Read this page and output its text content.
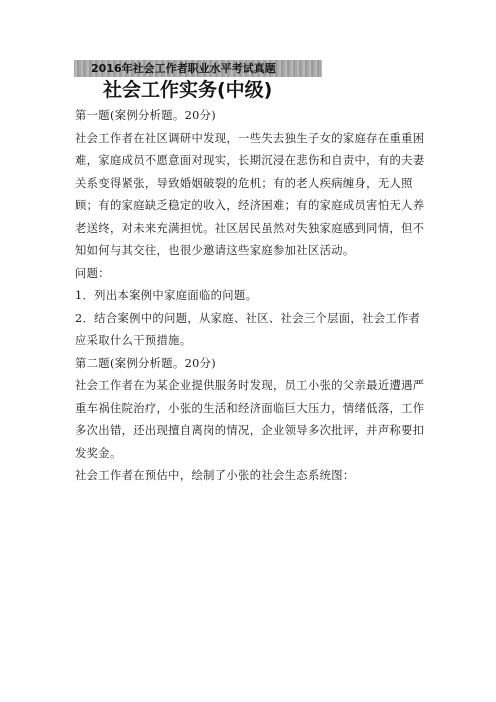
2016年社会工作者职业水平考试真题
社会工作实务(中级)

第一题(案例分析题。20分)

社会工作者在社区调研中发现，一些失去独生子女的家庭存在重重困难，家庭成员不愿意面对现实，长期沉浸在悲伤和自责中，有的夫妻关系变得紧张，导致婚姻破裂的危机；有的老人疾病缠身，无人照顾；有的家庭缺乏稳定的收入，经济困难；有的家庭成员害怕无人养老送终，对未来充满担忧。社区居民虽然对失独家庭感到同情，但不知如何与其交往，也很少邀请这些家庭参加社区活动。

问题：

1．列出本案例中家庭面临的问题。

2．结合案例中的问题，从家庭、社区、社会三个层面，社会工作者应采取什么干预措施。

第二题(案例分析题。20分)

社会工作者在为某企业提供服务时发现，员工小张的父亲最近遭遇严重车祸住院治疗，小张的生活和经济面临巨大压力，情绪低落，工作多次出错，还出现擅自离岗的情况，企业领导多次批评，并声称要扣发奖金。

社会工作者在预估中，绘制了小张的社会生态系统图：
